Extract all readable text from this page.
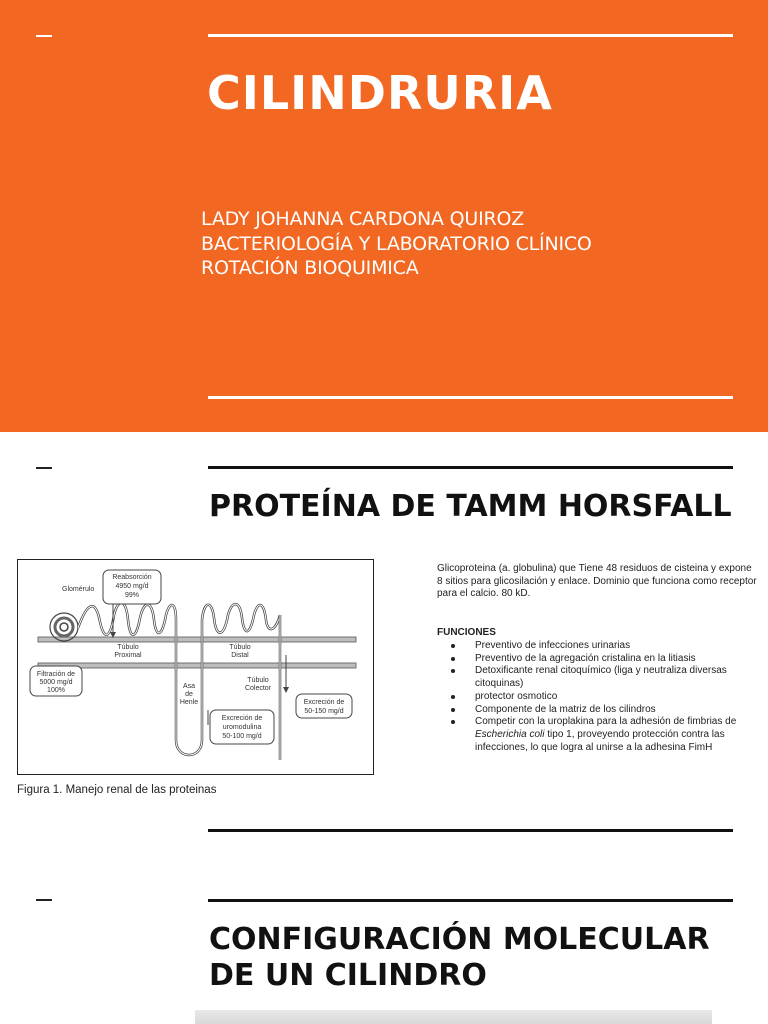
CILINDRURIA
LADY JOHANNA CARDONA QUIROZ
BACTERIOLOGÍA Y LABORATORIO CLÍNICO
ROTACIÓN BIOQUIMICA
PROTEÍNA DE TAMM HORSFALL
Glomérulo
Reabsorción
4950 mg/d
99%
Túbulo
Proximal
Túbulo
Distal
Filtración de
5000 mg/d
100%
Asa
de
Henle
Túbulo
Colector
Excreción de
50-150 mg/d
Excreción de
uromodulina
50-100 mg/d
Figura 1. Manejo renal de las proteinas
Glicoproteina (a. globulina) que Tiene 48 residuos de cisteina y expone 8 sitios para glicosilación y enlace. Dominio que funciona como receptor para el calcio. 80 kD.
FUNCIONES
Preventivo de infecciones urinarias
Preventivo de la agregación cristalina en la litiasis
Detoxificante renal citoquímico (liga y neutraliza diversas citoquinas)
protector osmotico
Componente de la matriz de los cilindros
Competir con la uroplakina para la adhesión de fimbrias de Escherichia coli tipo 1, proveyendo protección contra las infecciones, lo que logra al unirse a la adhesina FimH
CONFIGURACIÓN MOLECULAR
DE UN CILINDRO
